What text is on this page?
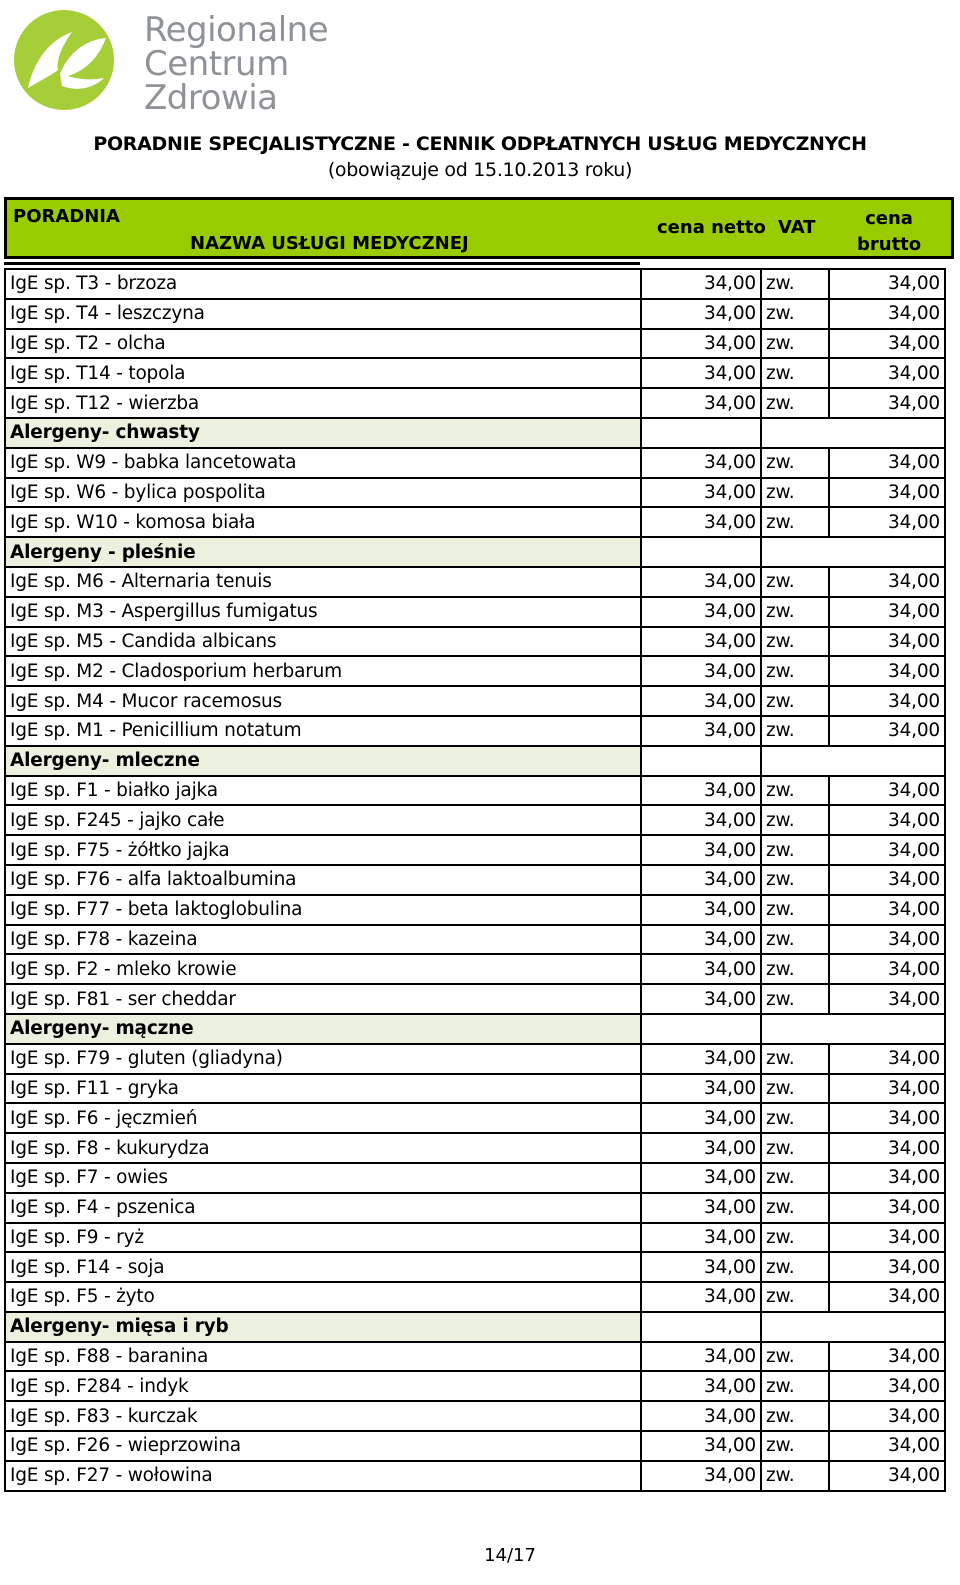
Regionalne
Centrum
Zdrowia
PORADNIE SPECJALISTYCZNE - CENNIK ODPŁATNYCH USŁUG MEDYCZNYCH
(obowiązuje od 15.10.2013 roku)
PORADNIA
NAZWA USŁUGI MEDYCZNEJ
cena netto VAT	cena
brutto
IgE sp. T3 - brzoza	34,00	zw.	34,00
IgE sp. T4 - leszczyna	34,00	zw.	34,00
IgE sp. T2 - olcha	34,00	zw.	34,00
IgE sp. T14 - topola	34,00	zw.	34,00
IgE sp. T12 - wierzba	34,00	zw.	34,00
Alergeny- chwasty			
IgE sp. W9 - babka lancetowata	34,00	zw.	34,00
IgE sp. W6 - bylica pospolita	34,00	zw.	34,00
IgE sp. W10 - komosa biała	34,00	zw.	34,00
Alergeny - pleśnie			
IgE sp. M6 - Alternaria tenuis	34,00	zw.	34,00
IgE sp. M3 - Aspergillus fumigatus	34,00	zw.	34,00
IgE sp. M5 - Candida albicans	34,00	zw.	34,00
IgE sp. M2 - Cladosporium herbarum	34,00	zw.	34,00
IgE sp. M4 - Mucor racemosus	34,00	zw.	34,00
IgE sp. M1 - Penicillium notatum	34,00	zw.	34,00
Alergeny- mleczne			
IgE sp. F1 - białko jajka	34,00	zw.	34,00
IgE sp. F245 - jajko całe	34,00	zw.	34,00
IgE sp. F75 - żółtko jajka	34,00	zw.	34,00
IgE sp. F76 - alfa laktoalbumina	34,00	zw.	34,00
IgE sp. F77 - beta laktoglobulina	34,00	zw.	34,00
IgE sp. F78 - kazeina	34,00	zw.	34,00
IgE sp. F2 - mleko krowie	34,00	zw.	34,00
IgE sp. F81 - ser cheddar	34,00	zw.	34,00
Alergeny- mączne			
IgE sp. F79 - gluten (gliadyna)	34,00	zw.	34,00
IgE sp. F11 - gryka	34,00	zw.	34,00
IgE sp. F6 - jęczmień	34,00	zw.	34,00
IgE sp. F8 - kukurydza	34,00	zw.	34,00
IgE sp. F7 - owies	34,00	zw.	34,00
IgE sp. F4 - pszenica	34,00	zw.	34,00
IgE sp. F9 - ryż	34,00	zw.	34,00
IgE sp. F14 - soja	34,00	zw.	34,00
IgE sp. F5 - żyto	34,00	zw.	34,00
Alergeny- mięsa i ryb			
IgE sp. F88 - baranina	34,00	zw.	34,00
IgE sp. F284 - indyk	34,00	zw.	34,00
IgE sp. F83 - kurczak	34,00	zw.	34,00
IgE sp. F26 - wieprzowina	34,00	zw.	34,00
IgE sp. F27 - wołowina	34,00	zw.	34,00
14/17
